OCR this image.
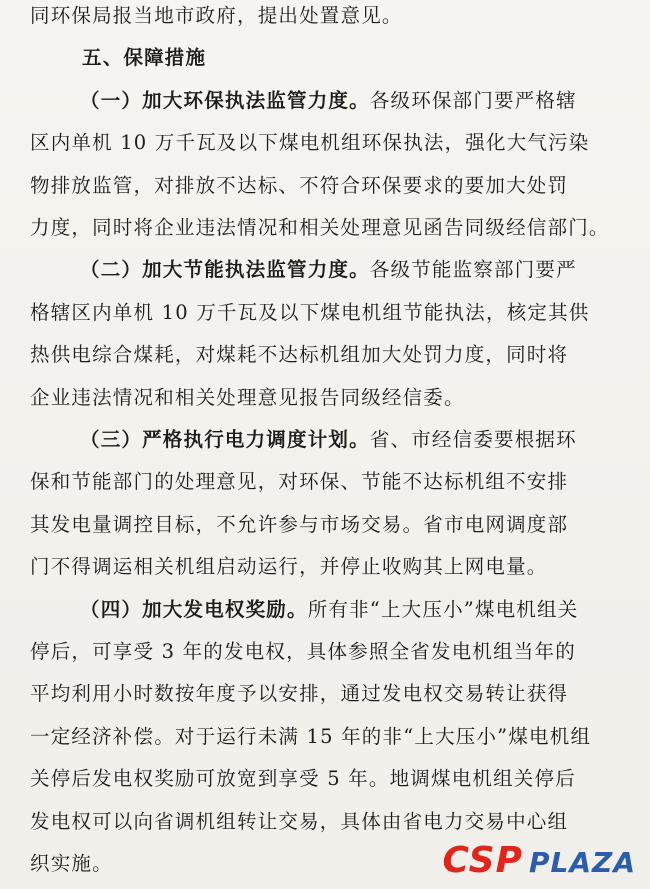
同环保局报当地市政府，提出处置意见。
五、保障措施
（一）加大环保执法监管力度。各级环保部门要严格辖
区内单机 10 万千瓦及以下煤电机组环保执法，强化大气污染
物排放监管，对排放不达标、不符合环保要求的要加大处罚
力度，同时将企业违法情况和相关处理意见函告同级经信部门。
（二）加大节能执法监管力度。各级节能监察部门要严
格辖区内单机 10 万千瓦及以下煤电机组节能执法，核定其供
热供电综合煤耗，对煤耗不达标机组加大处罚力度，同时将
企业违法情况和相关处理意见报告同级经信委。
（三）严格执行电力调度计划。省、市经信委要根据环
保和节能部门的处理意见，对环保、节能不达标机组不安排
其发电量调控目标，不允许参与市场交易。省市电网调度部
门不得调运相关机组启动运行，并停止收购其上网电量。
（四）加大发电权奖励。所有非“上大压小”煤电机组关
停后，可享受 3 年的发电权，具体参照全省发电机组当年的
平均利用小时数按年度予以安排，通过发电权交易转让获得
一定经济补偿。对于运行未满 15 年的非“上大压小”煤电机组
关停后发电权奖励可放宽到享受 5 年。地调煤电机组关停后
发电权可以向省调机组转让交易，具体由省电力交易中心组
织实施。	CSP PLAZA
